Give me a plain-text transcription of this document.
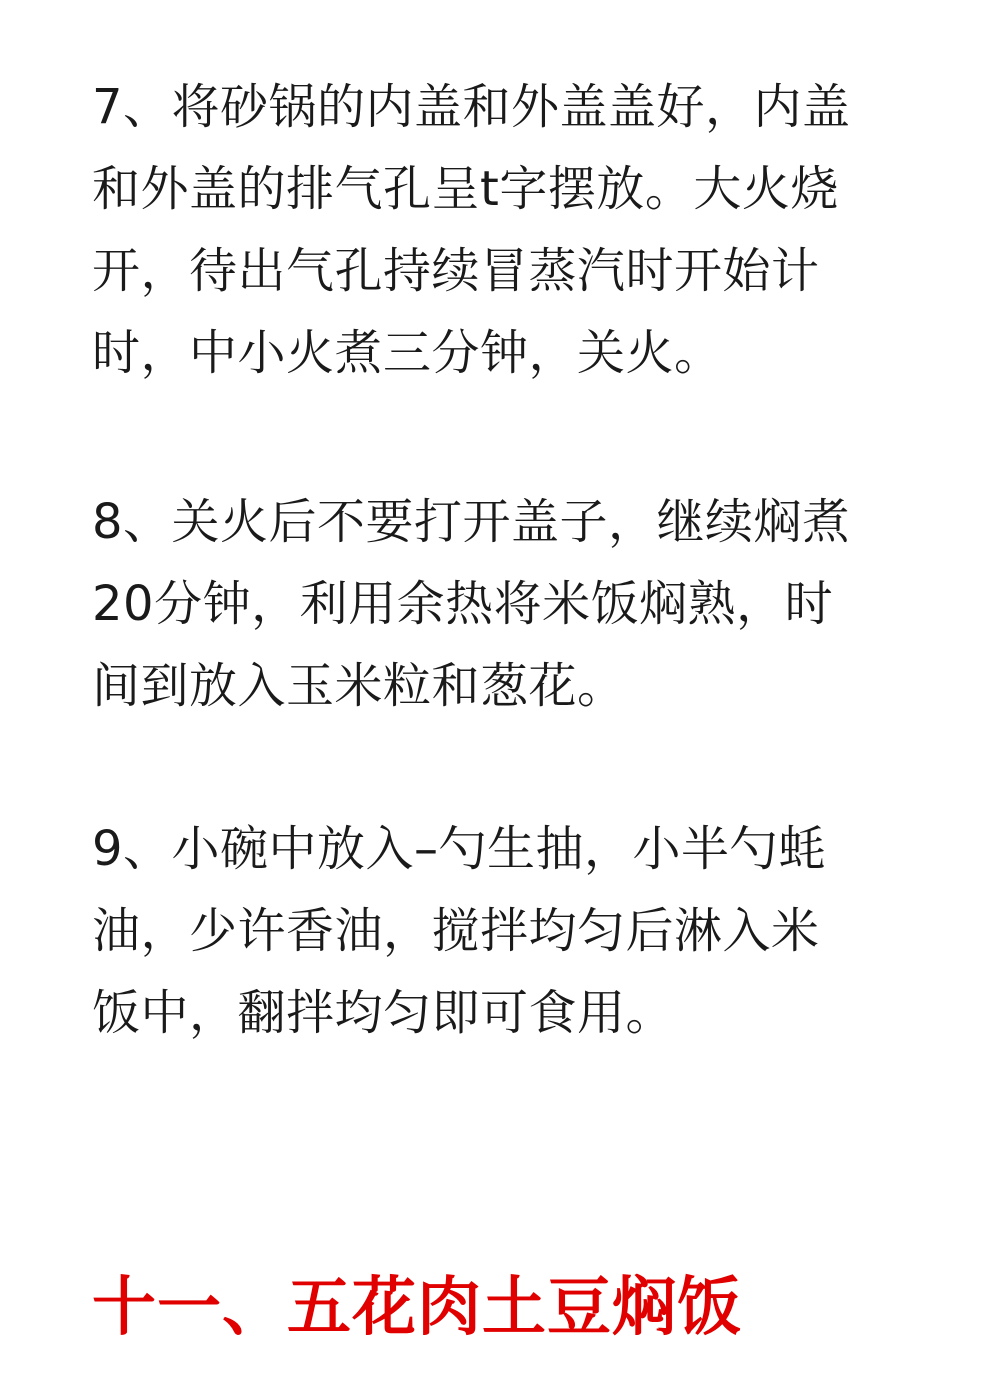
7、将砂锅的内盖和外盖盖好，内盖
和外盖的排气孔呈t字摆放。大火烧
开，待出气孔持续冒蒸汽时开始计
时，中小火煮三分钟，关火。
8、关火后不要打开盖子，继续焖煮
20分钟，利用余热将米饭焖熟，时
间到放入玉米粒和葱花。
9、小碗中放入–勺生抽，小半勺蚝
油，少许香油，搅拌均匀后淋入米
饭中，翻拌均匀即可食用。
十一、五花肉土豆焖饭
